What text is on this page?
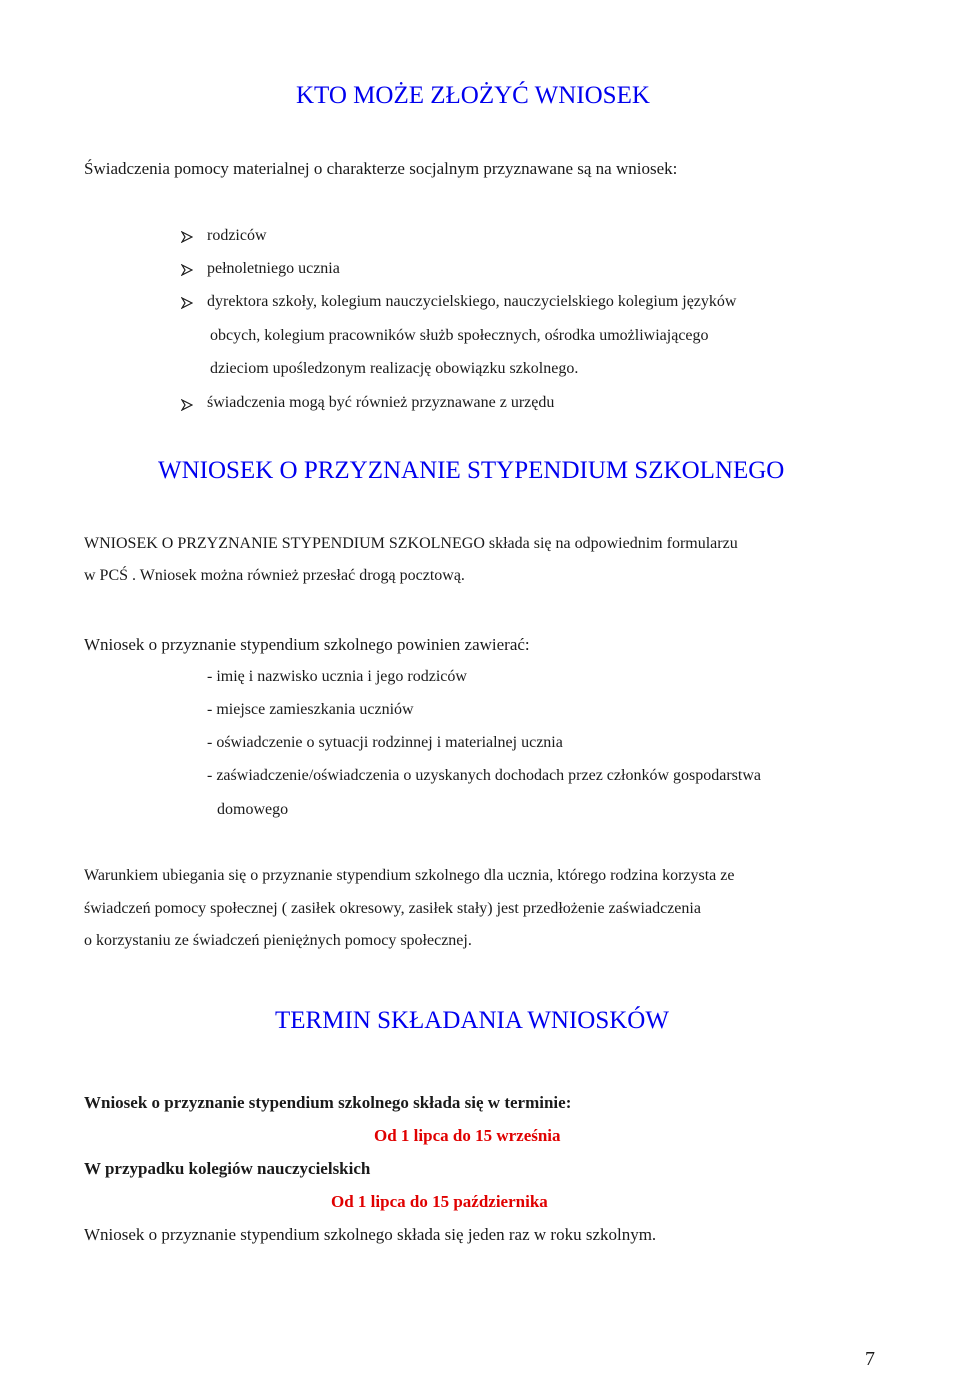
KTO MOŻE ZŁOŻYĆ WNIOSEK
Świadczenia pomocy materialnej o charakterze socjalnym przyznawane są na wniosek:
rodziców
pełnoletniego ucznia
dyrektora szkoły, kolegium nauczycielskiego, nauczycielskiego kolegium języków
obcych, kolegium pracowników służb społecznych, ośrodka umożliwiającego
dzieciom upośledzonym realizację obowiązku szkolnego.
świadczenia mogą być również przyznawane z urzędu
WNIOSEK O PRZYZNANIE STYPENDIUM SZKOLNEGO
WNIOSEK O PRZYZNANIE STYPENDIUM SZKOLNEGO składa się na odpowiednim formularzu
w PCŚ . Wniosek można również przesłać drogą pocztową.
Wniosek o przyznanie stypendium szkolnego powinien zawierać:
- imię i nazwisko ucznia i jego rodziców
- miejsce zamieszkania uczniów
- oświadczenie o sytuacji rodzinnej i materialnej ucznia
- zaświadczenie/oświadczenia o uzyskanych dochodach przez członków gospodarstwa
domowego
Warunkiem ubiegania się o przyznanie stypendium szkolnego dla ucznia, którego rodzina korzysta ze
świadczeń pomocy społecznej ( zasiłek okresowy, zasiłek stały) jest przedłożenie zaświadczenia
o korzystaniu ze świadczeń pieniężnych pomocy społecznej.
TERMIN SKŁADANIA WNIOSKÓW
Wniosek o przyznanie stypendium szkolnego składa się w terminie:
Od 1 lipca do 15 września
W przypadku kolegiów nauczycielskich
Od 1 lipca do 15 października
Wniosek o przyznanie stypendium szkolnego składa się jeden raz w roku szkolnym.
7
